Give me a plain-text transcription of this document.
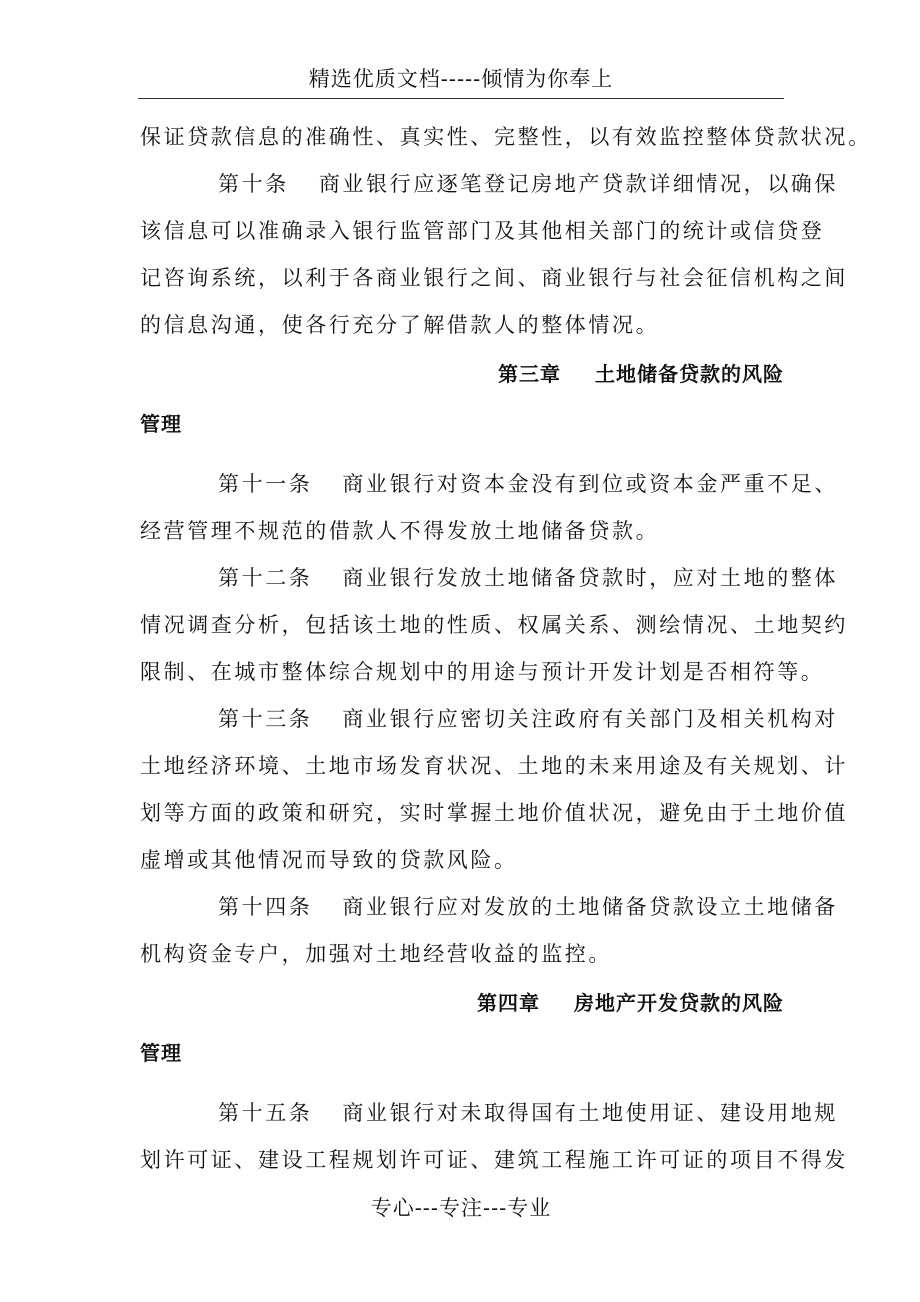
精选优质文档-----倾情为你奉上
保证贷款信息的准确性、真实性、完整性，以有效监控整体贷款状况。
第十条 商业银行应逐笔登记房地产贷款详细情况，以确保
该信息可以准确录入银行监管部门及其他相关部门的统计或信贷登
记咨询系统，以利于各商业银行之间、商业银行与社会征信机构之间
的信息沟通，使各行充分了解借款人的整体情况。
第三章 土地储备贷款的风险
管理
第十一条 商业银行对资本金没有到位或资本金严重不足、
经营管理不规范的借款人不得发放土地储备贷款。
第十二条 商业银行发放土地储备贷款时，应对土地的整体
情况调查分析，包括该土地的性质、权属关系、测绘情况、土地契约
限制、在城市整体综合规划中的用途与预计开发计划是否相符等。
第十三条 商业银行应密切关注政府有关部门及相关机构对
土地经济环境、土地市场发育状况、土地的未来用途及有关规划、计
划等方面的政策和研究，实时掌握土地价值状况，避免由于土地价值
虚增或其他情况而导致的贷款风险。
第十四条 商业银行应对发放的土地储备贷款设立土地储备
机构资金专户，加强对土地经营收益的监控。
第四章 房地产开发贷款的风险
管理
第十五条 商业银行对未取得国有土地使用证、建设用地规
划许可证、建设工程规划许可证、建筑工程施工许可证的项目不得发
专心---专注---专业
